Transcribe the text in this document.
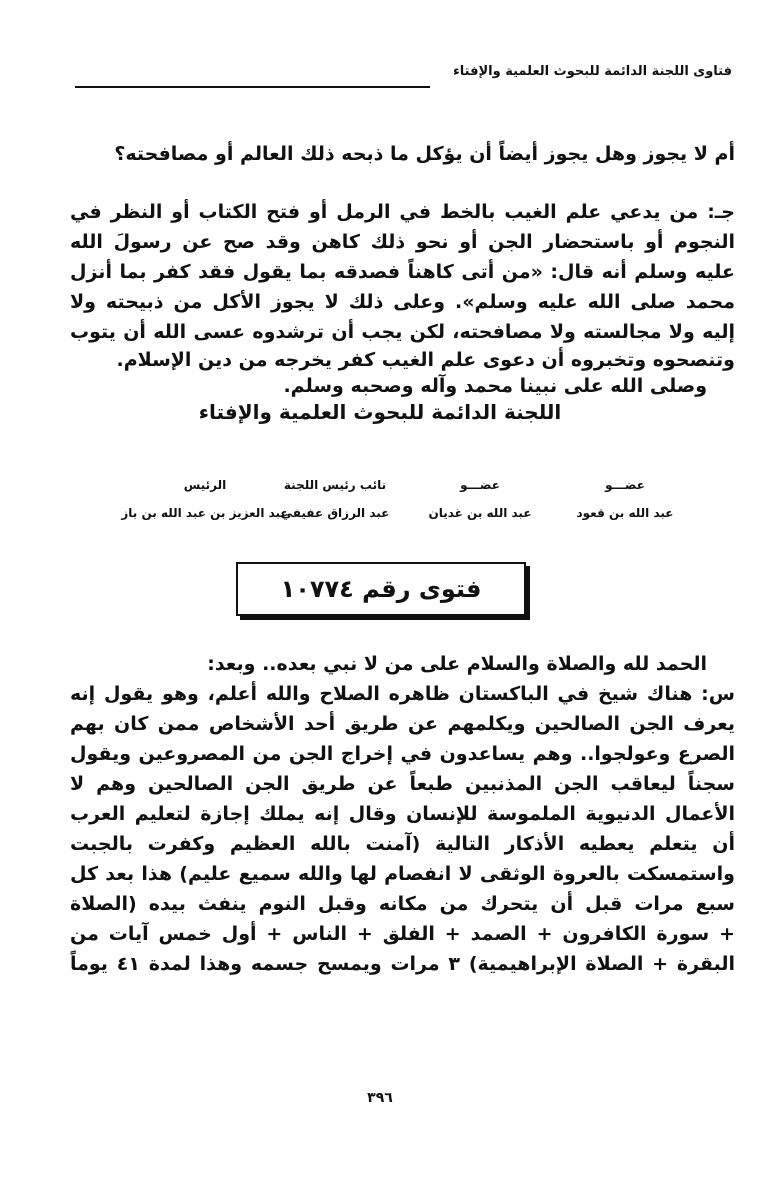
فتاوى اللجنة الدائمة للبحوث العلمية والإفتاء
أم لا يجوز وهل يجوز أيضاً أن يؤكل ما ذبحه ذلك العالم أو مصافحته؟
جـ: من يدعي علم الغيب بالخط في الرمل أو فتح الكتاب أو النظر في
النجوم أو باستحضار الجن أو نحو ذلك كاهن وقد صح عن رسولَ الله
عليه وسلم أنه قال: «من أتى كاهناً فصدقه بما يقول فقد كفر بما أنزل
محمد صلى الله عليه وسلم». وعلى ذلك لا يجوز الأكل من ذبيحته ولا
إليه ولا مجالسته ولا مصافحته، لكن يجب أن ترشدوه عسى الله أن يتوب
وتنصحوه وتخبروه أن دعوى علم الغيب كفر يخرجه من دين الإسلام.
وصلى الله على نبينا محمد وآله وصحبه وسلم.
اللجنة الدائمة للبحوث العلمية والإفتاء
الرئيس
عبد العزيز بن عبد الله بن باز
نائب رئيس اللجنة
عبد الرزاق عفيفي
عضـــو
عبد الله بن غديان
عضـــو
عبد الله بن قعود
فتوى رقم ١٠٧٧٤
الحمد لله والصلاة والسلام على من لا نبي بعده.. وبعد:
س: هناك شيخ في الباكستان ظاهره الصلاح والله أعلم، وهو يقول إنه
يعرف الجن الصالحين ويكلمهم عن طريق أحد الأشخاص ممن كان بهم
الصرع وعولجوا.. وهم يساعدون في إخراج الجن من المصروعين ويقول
سجناً ليعاقب الجن المذنبين طبعاً عن طريق الجن الصالحين وهم لا
الأعمال الدنيوية الملموسة للإنسان وقال إنه يملك إجازة لتعليم العرب
أن يتعلم يعطيه الأذكار التالية (آمنت بالله العظيم وكفرت بالجبت
واستمسكت بالعروة الوثقى لا انفصام لها والله سميع عليم) هذا بعد كل
سبع مرات قبل أن يتحرك من مكانه وقبل النوم ينفث بيده (الصلاة
+ سورة الكافرون + الصمد + الفلق + الناس + أول خمس آيات من
البقرة + الصلاة الإبراهيمية) ٣ مرات ويمسح جسمه وهذا لمدة ٤١ يوماً
٣٩٦
